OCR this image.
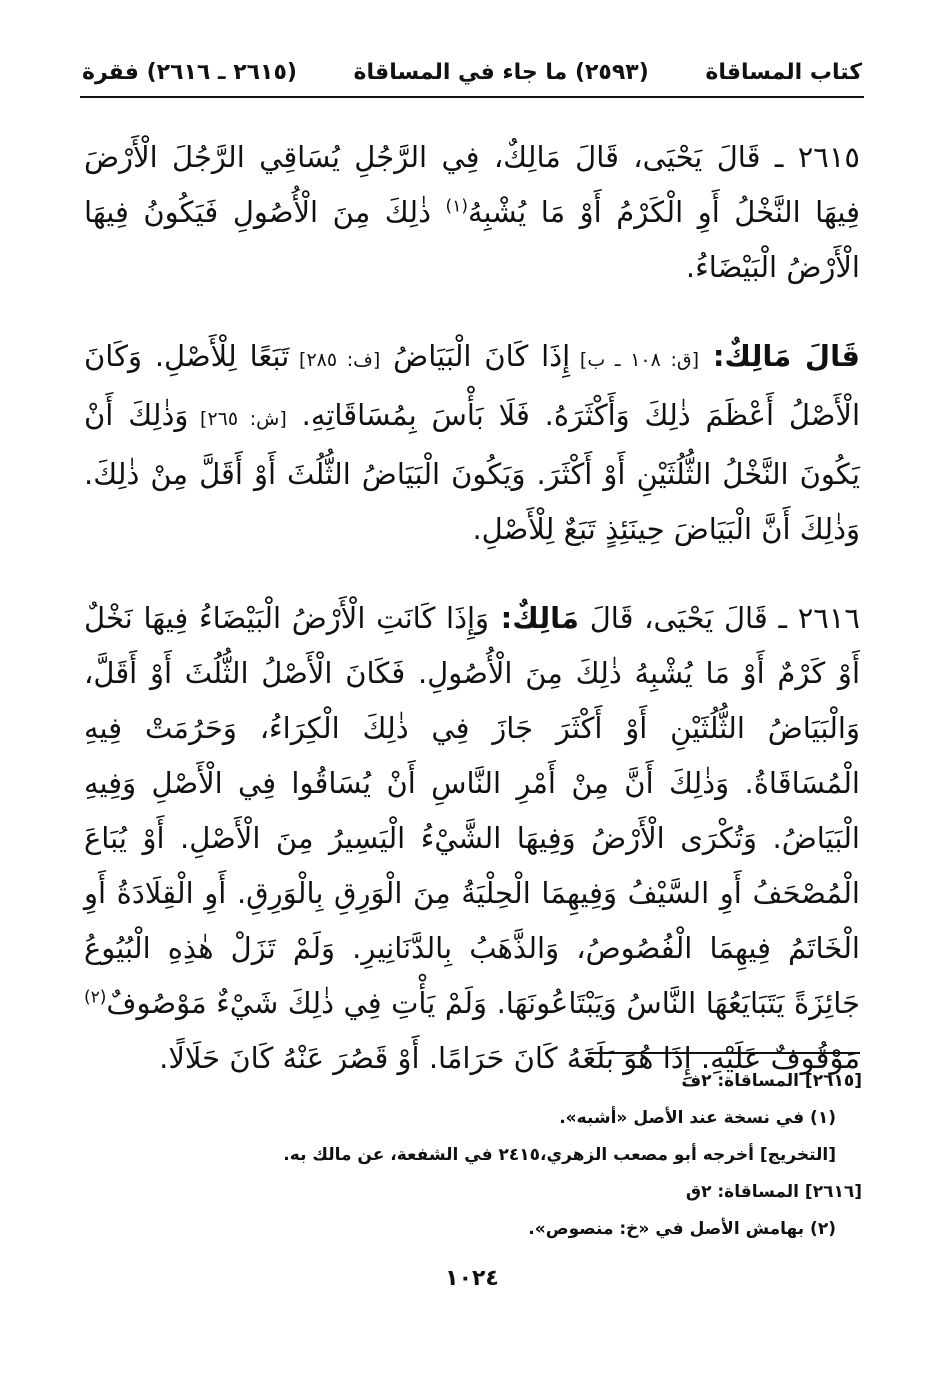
كتاب المساقاة
(٢٥٩٣) ما جاء في المساقاة
(٢٦١٥ ـ ٢٦١٦) فقرة

٢٦١٥ ـ قَالَ يَحْيَى، قَالَ مَالِكٌ، فِي الرَّجُلِ يُسَاقِي الرَّجُلَ الْأَرْضَ فِيهَا النَّخْلُ أَوِ الْكَرْمُ أَوْ مَا يُشْبِهُ$^{(١)}$ ذٰلِكَ مِنَ الْأُصُولِ فَيَكُونُ فِيهَا الْأَرْضُ الْبَيْضَاءُ.

قَالَ مَالِكٌ: [ق: ١٠٨ ـ ب] إِذَا كَانَ الْبَيَاضُ [ف: ٢٨٥] تَبَعًا لِلْأَصْلِ. وَكَانَ الْأَصْلُ أَعْظَمَ ذٰلِكَ وَأَكْثَرَهُ. فَلَا بَأْسَ بِمُسَاقَاتِهِ. [ش: ٢٦٥] وَذٰلِكَ أَنْ يَكُونَ النَّخْلُ الثُّلُثَيْنِ أَوْ أَكْثَرَ. وَيَكُونَ الْبَيَاضُ الثُّلُثَ أَوْ أَقَلَّ مِنْ ذٰلِكَ. وَذٰلِكَ أَنَّ الْبَيَاضَ حِينَئِذٍ تَبَعٌ لِلْأَصْلِ.

٢٦١٦ ـ قَالَ يَحْيَى، قَالَ مَالِكٌ: وَإِذَا كَانَتِ الْأَرْضُ الْبَيْضَاءُ فِيهَا نَخْلٌ أَوْ كَرْمٌ أَوْ مَا يُشْبِهُ ذٰلِكَ مِنَ الْأُصُولِ. فَكَانَ الْأَصْلُ الثُّلُثَ أَوْ أَقَلَّ، وَالْبَيَاضُ الثُّلُثَيْنِ أَوْ أَكْثَرَ جَازَ فِي ذٰلِكَ الْكِرَاءُ، وَحَرُمَتْ فِيهِ الْمُسَاقَاةُ. وَذٰلِكَ أَنَّ مِنْ أَمْرِ النَّاسِ أَنْ يُسَاقُوا فِي الْأَصْلِ وَفِيهِ الْبَيَاضُ. وَتُكْرَى الْأَرْضُ وَفِيهَا الشَّيْءُ الْيَسِيرُ مِنَ الْأَصْلِ. أَوْ يُبَاعَ الْمُصْحَفُ أَوِ السَّيْفُ وَفِيهِمَا الْحِلْيَةُ مِنَ الْوَرِقِ بِالْوَرِقِ. أَوِ الْقِلَادَةُ أَوِ الْخَاتَمُ فِيهِمَا الْفُصُوصُ، وَالذَّهَبُ بِالدَّنَانِيرِ. وَلَمْ تَزَلْ هٰذِهِ الْبُيُوعُ جَائِزَةً يَتَبَايَعُهَا النَّاسُ وَيَبْتَاعُونَهَا. وَلَمْ يَأْتِ فِي ذٰلِكَ شَيْءٌ مَوْصُوفٌ$^{(٢)}$ مَوْقُوفٌ عَلَيْهِ. إِذَا هُوَ بَلَغَهُ كَانَ حَرَامًا. أَوْ قَصُرَ عَنْهُ كَانَ حَلَالًا.

[٢٦١٥] المساقاة: ٢ف

(١) في نسخة عند الأصل «أشبه».

[التخريج] أخرجه أبو مصعب الزهري،٢٤١٥ في الشفعة، عن مالك به.

[٢٦١٦] المساقاة: ٢ق

(٢) بهامش الأصل في «خ: منصوص».

١٠٢٤
